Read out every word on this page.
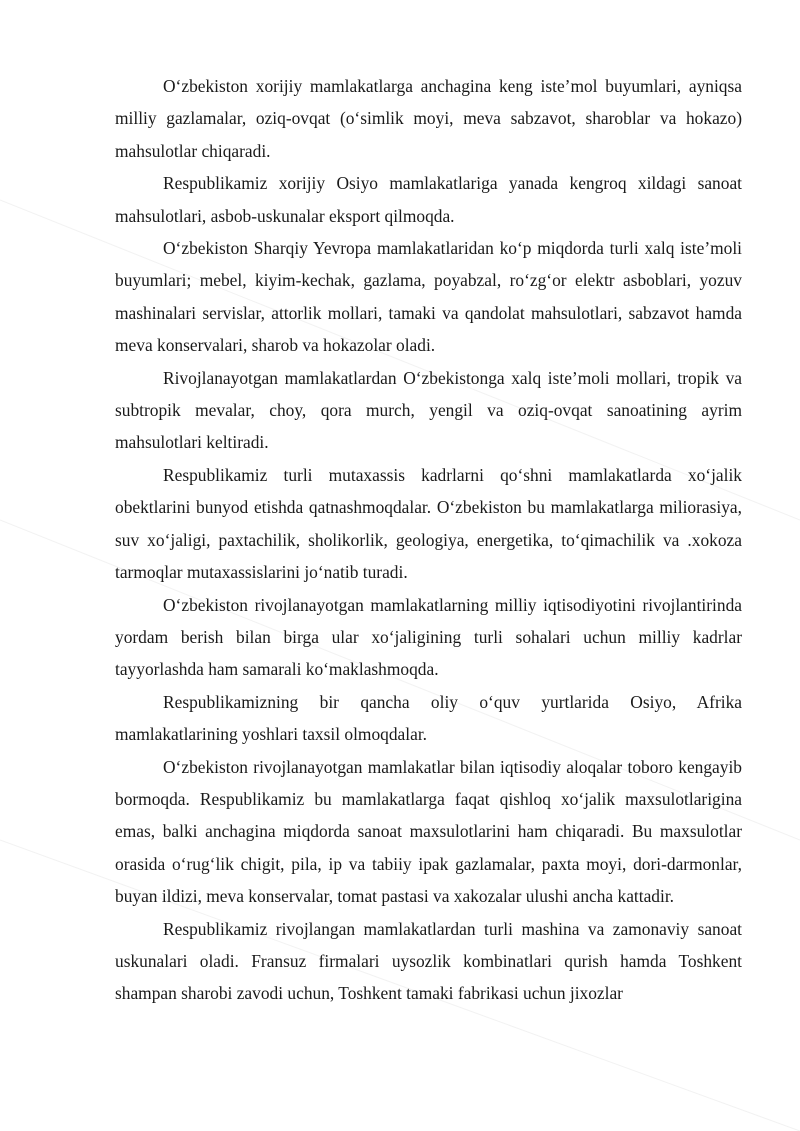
O‘zbekiston xorijiy mamlakatlarga anchagina keng iste’mol buyumlari, ayniqsa milliy gazlamalar, oziq-ovqat (o‘simlik moyi, meva sabzavot, sharoblar va hokazo) mahsulotlar chiqaradi.

Respublikamiz xorijiy Osiyo mamlakatlariga yanada kengroq xildagi sanoat mahsulotlari, asbob-uskunalar eksport qilmoqda.

O‘zbekiston Sharqiy Yevropa mamlakatlaridan ko‘p miqdorda turli xalq iste’moli buyumlari; mebel, kiyim-kechak, gazlama, poyabzal, ro‘zg‘or elektr asboblari, yozuv mashinalari servislar, attorlik mollari, tamaki va qandolat mahsulotlari, sabzavot hamda meva konservalari, sharob va hokazolar oladi.

Rivojlanayotgan mamlakatlardan O‘zbekistonga xalq iste’moli mollari, tropik va subtropik mevalar, choy, qora murch, yengil va oziq-ovqat sanoatining ayrim mahsulotlari keltiradi.

Respublikamiz turli mutaxassis kadrlarni qo‘shni mamlakatlarda xo‘jalik obektlarini bunyod etishda qatnashmoqdalar. O‘zbekiston bu mamlakatlarga miliorasiya, suv xo‘jaligi, paxtachilik, sholikorlik, geologiya, energetika, to‘qimachilik va .xokoza tarmoqlar mutaxassislarini jo‘natib turadi.

O‘zbekiston rivojlanayotgan mamlakatlarning milliy iqtisodiyotini rivojlantirinda yordam berish bilan birga ular xo‘jaligining turli sohalari uchun milliy kadrlar tayyorlashda ham samarali ko‘maklashmoqda.

Respublikamizning bir qancha oliy o‘quv yurtlarida Osiyo, Afrika mamlakatlarining yoshlari taxsil olmoqdalar.

O‘zbekiston rivojlanayotgan mamlakatlar bilan iqtisodiy aloqalar toboro kengayib bormoqda. Respublikamiz bu mamlakatlarga faqat qishloq xo‘jalik maxsulotlarigina emas, balki anchagina miqdorda sanoat maxsulotlarini ham chiqaradi. Bu maxsulotlar orasida o‘rug‘lik chigit, pila, ip va tabiiy ipak gazlamalar, paxta moyi, dori-darmonlar, buyan ildizi, meva konservalar, tomat pastasi va xakozalar ulushi ancha kattadir.

Respublikamiz rivojlangan mamlakatlardan turli mashina va zamonaviy sanoat uskunalari oladi. Fransuz firmalari uysozlik kombinatlari qurish hamda Toshkent shampan sharobi zavodi uchun, Toshkent tamaki fabrikasi uchun jixozlar
